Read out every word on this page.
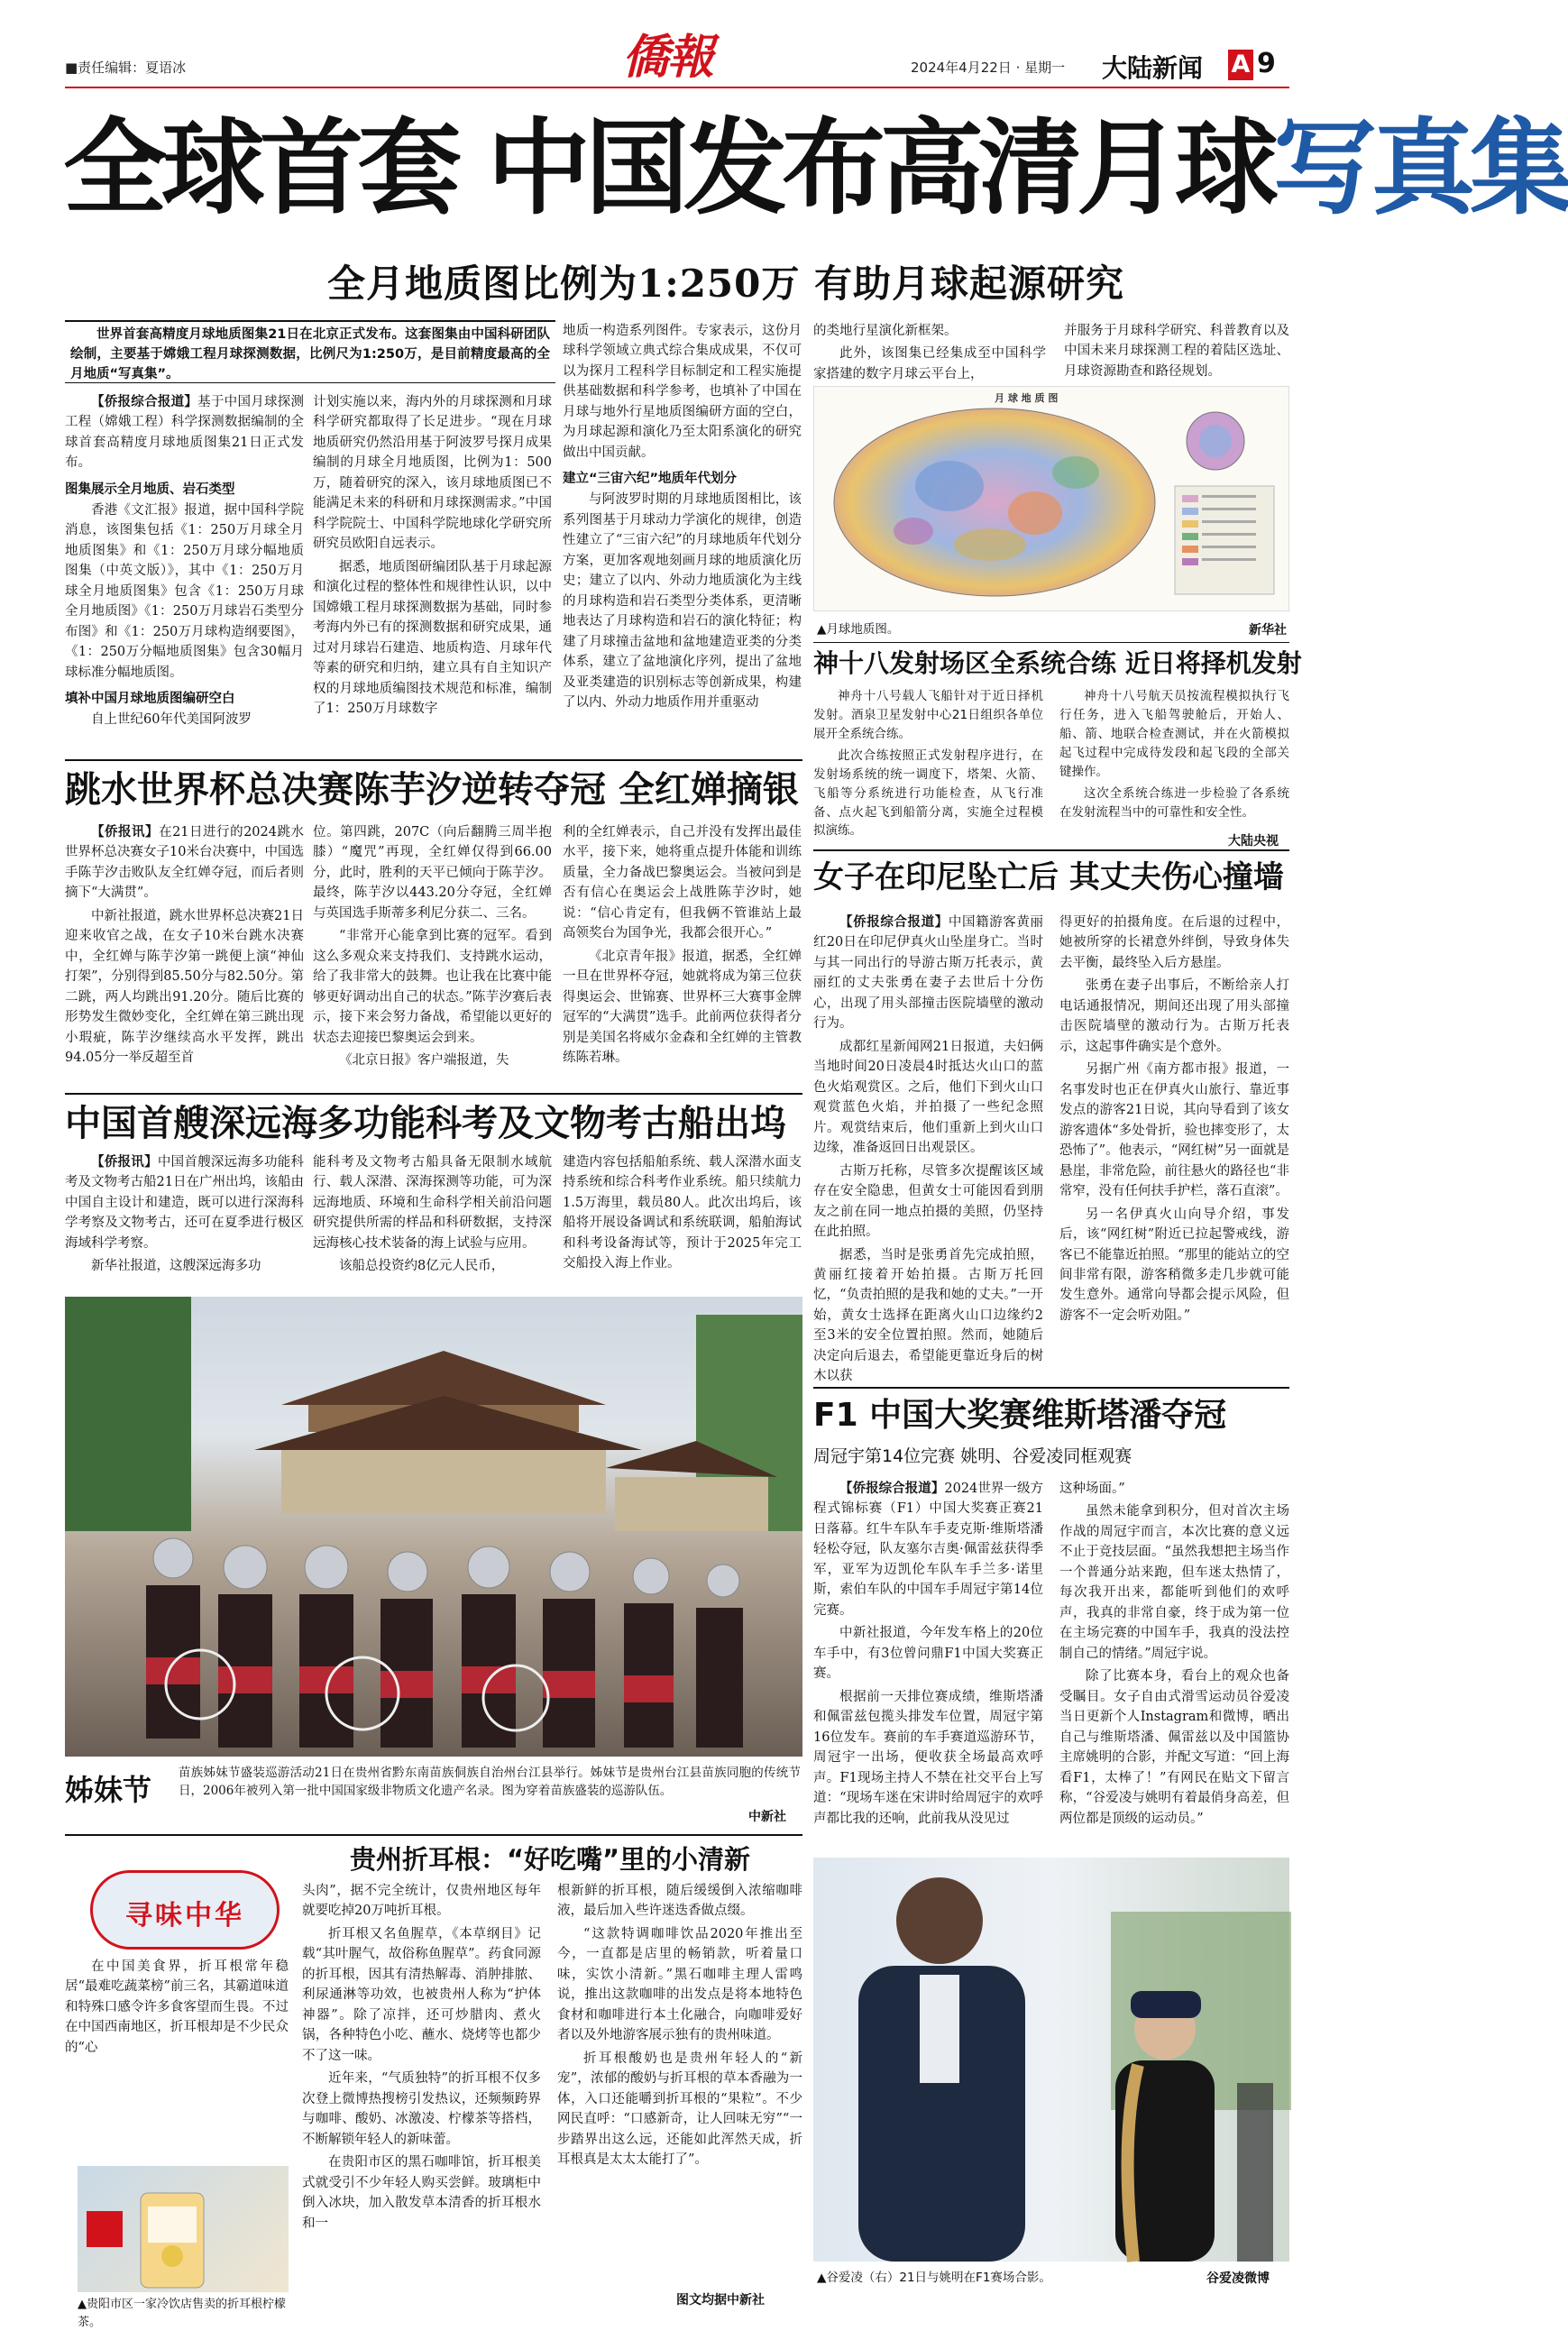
■责任编辑：夏语冰	僑報	2024年4月22日 · 星期一 大陆新闻 A 9
全球首套 中国发布高清月球写真集
全月地质图比例为1:250万 有助月球起源研究
世界首套高精度月球地质图集21日在北京正式发布。这套图集由中国科研团队绘制，主要基于嫦娥工程月球探测数据，比例尺为1:250万，是目前精度最高的全月地质“写真集”。
【侨报综合报道】基于中国月球探测工程（嫦娥工程）科学探测数据编制的全球首套高精度月球地质图集21日正式发布。
图集展示全月地质、岩石类型
香港《文汇报》报道，据中国科学院消息，该图集包括《1：250万月球全月地质图集》和《1：250万月球分幅地质图集（中英文版）》，其中《1：250万月球全月地质图集》包含《1：250万月球全月地质图》《1：250万月球岩石类型分布图》和《1：250万月球构造纲要图》，《1：250万分幅地质图集》包含30幅月球标准分幅地质图。
填补中国月球地质图编研空白
自上世纪60年代美国阿波罗
计划实施以来，海内外的月球探测和月球科学研究都取得了长足进步。“现在月球地质研究仍然沿用基于阿波罗号探月成果编制的月球全月地质图，比例为1：500万，随着研究的深入，该月球地质图已不能满足未来的科研和月球探测需求。”中国科学院院士、中国科学院地球化学研究所研究员欧阳自远表示。
据悉，地质图研编团队基于月球起源和演化过程的整体性和规律性认识，以中国嫦娥工程月球探测数据为基础，同时参考海内外已有的探测数据和研究成果，通过对月球岩石建造、地质构造、月球年代等素的研究和归纳，建立具有自主知识产权的月球地质编图技术规范和标准，编制了1：250万月球数字
地质一构造系列图件。专家表示，这份月球科学领域立典式综合集成成果，不仅可以为探月工程科学目标制定和工程实施提供基础数据和科学参考，也填补了中国在月球与地外行星地质图编研方面的空白，为月球起源和演化乃至太阳系演化的研究做出中国贡献。
建立“三宙六纪”地质年代划分
与阿波罗时期的月球地质图相比，该系列图基于月球动力学演化的规律，创造性建立了“三宙六纪”的月球地质年代划分方案，更加客观地刻画月球的地质演化历史；建立了以内、外动力地质演化为主线的月球构造和岩石类型分类体系，更清晰地表达了月球构造和岩石的演化特征；构建了月球撞击盆地和盆地建造亚类的分类体系，建立了盆地演化序列，提出了盆地及亚类建造的识别标志等创新成果，构建了以内、外动力地质作用并重驱动
的类地行星演化新框架。
此外，该图集已经集成至中国科学家搭建的数字月球云平台上，
并服务于月球科学研究、科普教育以及中国未来月球探测工程的着陆区选址、月球资源勘查和路径规划。
月 球 地 质 图
▲月球地质图。	新华社
神十八发射场区全系统合练 近日将择机发射
神舟十八号载人飞船针对于近日择机发射。酒泉卫星发射中心21日组织各单位展开全系统合练。
此次合练按照正式发射程序进行，在发射场系统的统一调度下，塔架、火箭、飞船等分系统进行功能检查，从飞行准备、点火起飞到船箭分离，实施全过程模拟演练。
神舟十八号航天员按流程模拟执行飞行任务，进入飞船驾驶舱后，开始人、船、箭、地联合检查测试，并在火箭模拟起飞过程中完成待发段和起飞段的全部关键操作。
这次全系统合练进一步检验了各系统在发射流程当中的可靠性和安全性。
大陆央视
跳水世界杯总决赛陈芋汐逆转夺冠 全红婵摘银
【侨报讯】在21日进行的2024跳水世界杯总决赛女子10米台决赛中，中国选手陈芋汐击败队友全红婵夺冠，而后者则摘下“大满贯”。
中新社报道，跳水世界杯总决赛21日迎来收官之战，在女子10米台跳水决赛中，全红婵与陈芋汐第一跳便上演“神仙打架”，分别得到85.50分与82.50分。第二跳，两人均跳出91.20分。随后比赛的形势发生微妙变化，全红婵在第三跳出现小瑕疵，陈芋汐继续高水平发挥，跳出94.05分一举反超至首
位。第四跳，207C（向后翻腾三周半抱膝）“魔咒”再现，全红婵仅得到66.00分，此时，胜利的天平已倾向于陈芋汐。最终，陈芋汐以443.20分夺冠，全红婵与英国选手斯蒂多利尼分获二、三名。
“非常开心能拿到比赛的冠军。看到这么多观众来支持我们、支持跳水运动，给了我非常大的鼓舞。也让我在比赛中能够更好调动出自己的状态。”陈芋汐赛后表示，接下来会努力备战，希望能以更好的状态去迎接巴黎奥运会到来。
《北京日报》客户端报道，失
利的全红婵表示，自己并没有发挥出最佳水平，接下来，她将重点提升体能和训练质量，全力备战巴黎奥运会。当被问到是否有信心在奥运会上战胜陈芋汐时，她说：“信心肯定有，但我俩不管谁站上最高领奖台为国争光，我都会很开心。”
《北京青年报》报道，据悉，全红婵一旦在世界杯夺冠，她就将成为第三位获得奥运会、世锦赛、世界杯三大赛事金牌冠军的“大满贯”选手。此前两位获得者分别是美国名将威尔金森和全红婵的主管教练陈若琳。
中国首艘深远海多功能科考及文物考古船出坞
【侨报讯】中国首艘深远海多功能科考及文物考古船21日在广州出坞，该船由中国自主设计和建造，既可以进行深海科学考察及文物考古，还可在夏季进行极区海域科学考察。
新华社报道，这艘深远海多功
能科考及文物考古船具备无限制水域航行、载人深潜、深海探测等功能，可为深远海地质、环境和生命科学相关前沿问题研究提供所需的样品和科研数据，支持深远海核心技术装备的海上试验与应用。
该船总投资约8亿元人民币，
建造内容包括船舶系统、载人深潜水面支持系统和综合科考作业系统。船只续航力1.5万海里，载员80人。此次出坞后，该船将开展设备调试和系统联调，船舶海试和科考设备海试等，预计于2025年完工交船投入海上作业。
姊妹节 苗族姊妹节盛装巡游活动21日在贵州省黔东南苗族侗族自治州台江县举行。姊妹节是贵州台江县苗族同胞的传统节日，2006年被列入第一批中国国家级非物质文化遗产名录。图为穿着苗族盛装的巡游队伍。
中新社
女子在印尼坠亡后 其丈夫伤心撞墙
【侨报综合报道】中国籍游客黄丽红20日在印尼伊真火山坠崖身亡。当时与其一同出行的导游古斯万托表示，黄丽红的丈夫张勇在妻子去世后十分伤心，出现了用头部撞击医院墙壁的激动行为。
成都红星新闻网21日报道，夫妇俩当地时间20日凌晨4时抵达火山口的蓝色火焰观赏区。之后，他们下到火山口观赏蓝色火焰，并拍摄了一些纪念照片。观赏结束后，他们重新上到火山口边缘，准备返回日出观景区。
古斯万托称，尽管多次提醒该区域存在安全隐患，但黄女士可能因看到朋友之前在同一地点拍摄的美照，仍坚持在此拍照。
据悉，当时是张勇首先完成拍照，黄丽红接着开始拍摄。古斯万托回忆，“负责拍照的是我和她的丈夫。”一开始，黄女士选择在距离火山口边缘约2至3米的安全位置拍照。然而，她随后决定向后退去，希望能更靠近身后的树木以获
得更好的拍摄角度。在后退的过程中，她被所穿的长裙意外绊倒，导致身体失去平衡，最终坠入后方悬崖。
张勇在妻子出事后，不断给亲人打电话通报情况，期间还出现了用头部撞击医院墙壁的激动行为。古斯万托表示，这起事件确实是个意外。
另据广州《南方都市报》报道，一名事发时也正在伊真火山旅行、靠近事发点的游客21日说，其向导看到了该女游客遗体“多处骨折，验也摔变形了，太恐怖了”。他表示，“网红树”另一面就是悬崖，非常危险，前往悬火的路径也“非常窄，没有任何扶手护栏，落石直滚”。
另一名伊真火山向导介绍，事发后，该“网红树”附近已拉起警戒线，游客已不能靠近拍照。“那里的能站立的空间非常有限，游客稍微多走几步就可能发生意外。通常向导都会提示风险，但游客不一定会听劝阻。”
F1 中国大奖赛维斯塔潘夺冠
周冠宇第14位完赛 姚明、谷爱凌同框观赛
【侨报综合报道】2024世界一级方程式锦标赛（F1）中国大奖赛正赛21日落幕。红牛车队车手麦克斯·维斯塔潘轻松夺冠，队友塞尔吉奥·佩雷兹获得季军，亚军为迈凯伦车队车手兰多·诺里斯，索伯车队的中国车手周冠宇第14位完赛。
中新社报道，今年发车格上的20位车手中，有3位曾问鼎F1中国大奖赛正赛。
根据前一天排位赛成绩，维斯塔潘和佩雷兹包揽头排发车位置，周冠宇第16位发车。赛前的车手赛道巡游环节，周冠宇一出场，便收获全场最高欢呼声。F1现场主持人不禁在社交平台上写道：“现场车迷在宋讲时给周冠宇的欢呼声都比我的还响，此前我从没见过
这种场面。”
虽然未能拿到积分，但对首次主场作战的周冠宇而言，本次比赛的意义远不止于竞技层面。“虽然我想把主场当作一个普通分站来跑，但车迷太热情了，每次我开出来，都能听到他们的欢呼声，我真的非常自豪，终于成为第一位在主场完赛的中国车手，我真的没法控制自己的情绪。”周冠宇说。
除了比赛本身，看台上的观众也备受瞩目。女子自由式滑雪运动员谷爱凌当日更新个人Instagram和微博，晒出自己与维斯塔潘、佩雷兹以及中国篮协主席姚明的合影，并配文写道：“回上海看F1，太棒了！”有网民在贴文下留言称，“谷爱凌与姚明有着最俏身高差，但两位都是顶级的运动员。”
▲谷爱凌（右）21日与姚明在F1赛场合影。	谷爱凌微博
贵州折耳根：“好吃嘴”里的小清新
寻味中华
在中国美食界，折耳根常年稳居“最难吃蔬菜榜”前三名，其霸道味道和特殊口感令许多食客望而生畏。不过在中国西南地区，折耳根却是不少民众的“心
▲贵阳市区一家冷饮店售卖的折耳根柠檬茶。
头肉”，据不完全统计，仅贵州地区每年就要吃掉20万吨折耳根。
折耳根又名鱼腥草，《本草纲目》记载“其叶腥气，故俗称鱼腥草”。药食同源的折耳根，因其有清热解毒、消肿排脓、利尿通淋等功效，也被贵州人称为“护体神器”。除了凉拌，还可炒腊肉、煮火锅，各种特色小吃、蘸水、烧烤等也都少不了这一味。
近年来，“气质独特”的折耳根不仅多次登上微博热搜榜引发热议，还频频跨界与咖啡、酸奶、冰激凌、柠檬茶等搭档，不断解锁年轻人的新味蕾。
在贵阳市区的黑石咖啡馆，折耳根美式就受引不少年轻人购买尝鲜。玻璃柜中倒入冰块，加入散发草本清香的折耳根水和一
根新鲜的折耳根，随后缓缓倒入浓缩咖啡液，最后加入些许迷迭香做点缀。
“这款特调咖啡饮品2020年推出至今，一直都是店里的畅销款，听着量口味，实饮小清新。”黑石咖啡主理人雷鸣说，推出这款咖啡的出发点是将本地特色食材和咖啡进行本土化融合，向咖啡爱好者以及外地游客展示独有的贵州味道。
折耳根酸奶也是贵州年轻人的“新宠”，浓郁的酸奶与折耳根的草本香融为一体，入口还能嚼到折耳根的“果粒”。不少网民直呼：“口感新奇，让人回味无穷”“一步踏界出这么远，还能如此浑然天成，折耳根真是太太太能打了”。
图文均据中新社
